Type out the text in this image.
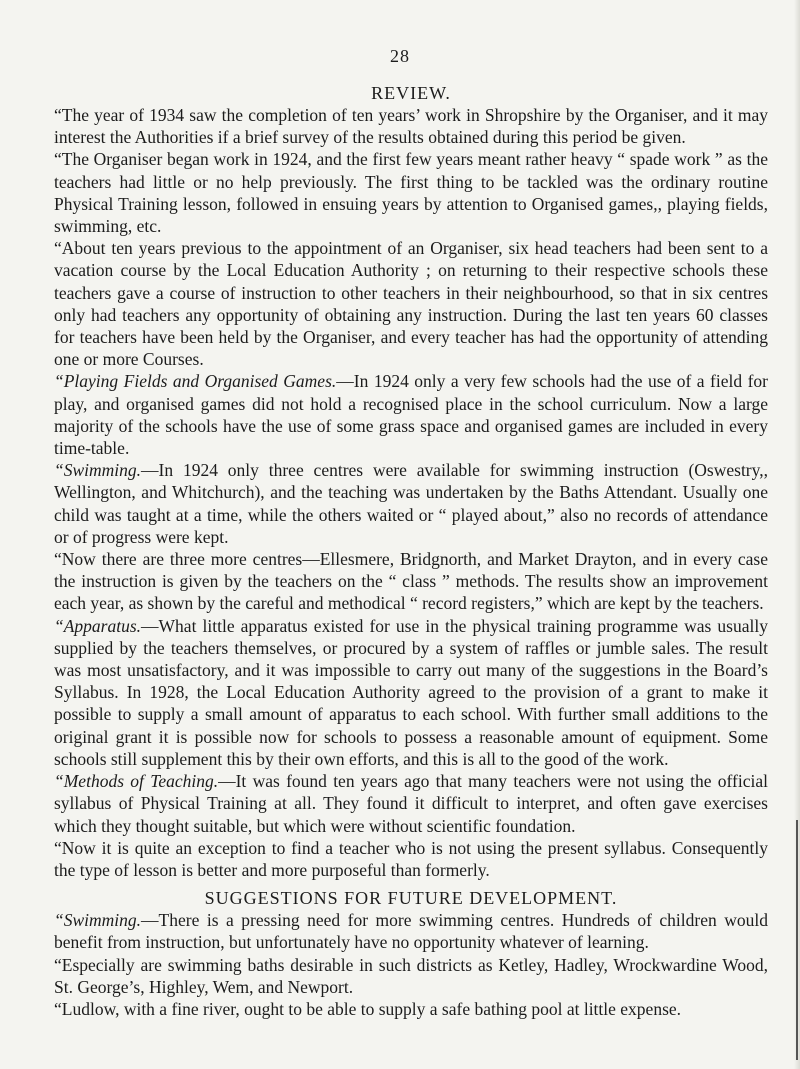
28
REVIEW.

“The year of 1934 saw the completion of ten years’ work in Shropshire by the Organiser, and it may interest the Authorities if a brief survey of the results obtained during this period be given.

“The Organiser began work in 1924, and the first few years meant rather heavy “ spade work ” as the teachers had little or no help previously. The first thing to be tackled was the ordinary routine Physical Training lesson, followed in ensuing years by attention to Organised games,, playing fields, swimming, etc.

“About ten years previous to the appointment of an Organiser, six head teachers had been sent to a vacation course by the Local Education Authority ; on returning to their respective schools these teachers gave a course of instruction to other teachers in their neighbourhood, so that in six centres only had teachers any opportunity of obtaining any instruction. During the last ten years 60 classes for teachers have been held by the Organiser, and every teacher has had the opportunity of attending one or more Courses.

“Playing Fields and Organised Games.—In 1924 only a very few schools had the use of a field for play, and organised games did not hold a recognised place in the school curriculum. Now a large majority of the schools have the use of some grass space and organised games are included in every time-table.

“Swimming.—In 1924 only three centres were available for swimming instruction (Oswestry,, Wellington, and Whitchurch), and the teaching was undertaken by the Baths Attendant. Usually one child was taught at a time, while the others waited or “ played about,” also no records of attendance or of progress were kept.

“Now there are three more centres—Ellesmere, Bridgnorth, and Market Drayton, and in every case the instruction is given by the teachers on the “ class ” methods. The results show an improvement each year, as shown by the careful and methodical “ record registers,” which are kept by the teachers.

“Apparatus.—What little apparatus existed for use in the physical training programme was usually supplied by the teachers themselves, or procured by a system of raffles or jumble sales. The result was most unsatisfactory, and it was impossible to carry out many of the suggestions in the Board’s Syllabus. In 1928, the Local Education Authority agreed to the provision of a grant to make it possible to supply a small amount of apparatus to each school. With further small additions to the original grant it is possible now for schools to possess a reasonable amount of equipment. Some schools still supplement this by their own efforts, and this is all to the good of the work.

“Methods of Teaching.—It was found ten years ago that many teachers were not using the official syllabus of Physical Training at all. They found it difficult to interpret, and often gave exercises which they thought suitable, but which were without scientific foundation.

“Now it is quite an exception to find a teacher who is not using the present syllabus. Consequently the type of lesson is better and more purposeful than formerly.

SUGGESTIONS FOR FUTURE DEVELOPMENT.

“Swimming.—There is a pressing need for more swimming centres. Hundreds of children would benefit from instruction, but unfortunately have no opportunity whatever of learning.

“Especially are swimming baths desirable in such districts as Ketley, Hadley, Wrockwardine Wood, St. George’s, Highley, Wem, and Newport.

“Ludlow, with a fine river, ought to be able to supply a safe bathing pool at little expense.
